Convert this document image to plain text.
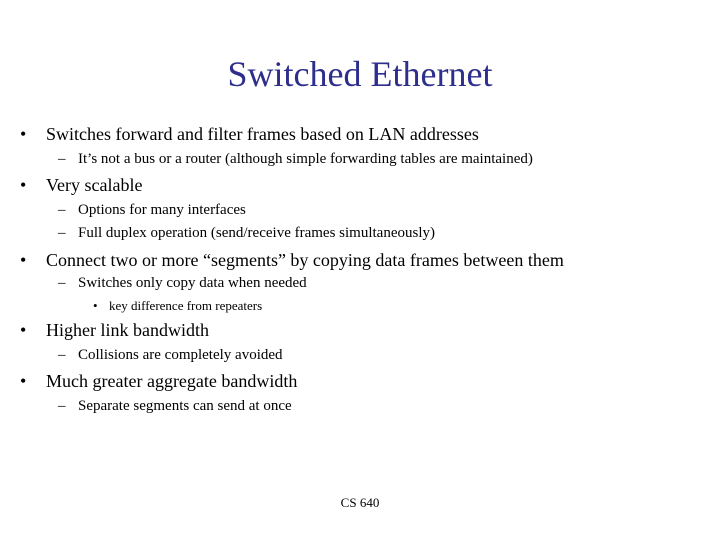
Switched Ethernet
• Switches forward and filter frames based on LAN addresses
– It’s not a bus or a router (although simple forwarding tables are maintained)
• Very scalable
– Options for many interfaces
– Full duplex operation (send/receive frames simultaneously)
• Connect two or more “segments” by copying data frames between them
– Switches only copy data when needed
• key difference from repeaters
• Higher link bandwidth
– Collisions are completely avoided
• Much greater aggregate bandwidth
– Separate segments can send at once
CS 640
